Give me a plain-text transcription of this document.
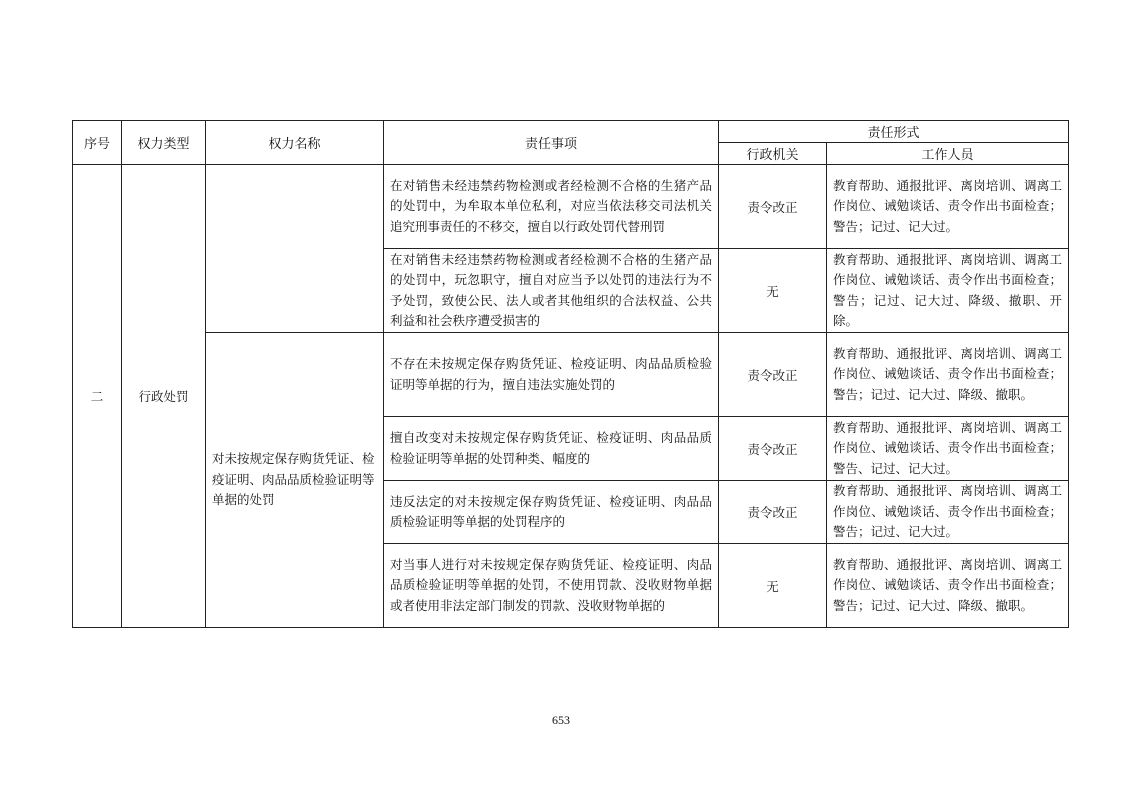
序号	权力类型	权力名称	责任事项	责任形式	
				行政机关	工作人员
二	行政处罚		在对销售未经违禁药物检测或者经检测不合格的生猪产品的处罚中，为牟取本单位私利，对应当依法移交司法机关追究刑事责任的不移交，擅自以行政处罚代替刑罚	责令改正	教育帮助、通报批评、离岗培训、调离工作岗位、诫勉谈话、责令作出书面检查；警告；记过、记大过。
			在对销售未经违禁药物检测或者经检测不合格的生猪产品的处罚中，玩忽职守，擅自对应当予以处罚的违法行为不予处罚，致使公民、法人或者其他组织的合法权益、公共利益和社会秩序遭受损害的	无	教育帮助、通报批评、离岗培训、调离工作岗位、诫勉谈话、责令作出书面检查；警告；记过、记大过、降级、撤职、开除。
		对未按规定保存购货凭证、检疫证明、肉品品质检验证明等单据的处罚	不存在未按规定保存购货凭证、检疫证明、肉品品质检验证明等单据的行为，擅自违法实施处罚的	责令改正	教育帮助、通报批评、离岗培训、调离工作岗位、诫勉谈话、责令作出书面检查；警告；记过、记大过、降级、撤职。
			擅自改变对未按规定保存购货凭证、检疫证明、肉品品质检验证明等单据的处罚种类、幅度的	责令改正	教育帮助、通报批评、离岗培训、调离工作岗位、诫勉谈话、责令作出书面检查；警告、记过、记大过。
			违反法定的对未按规定保存购货凭证、检疫证明、肉品品质检验证明等单据的处罚程序的	责令改正	教育帮助、通报批评、离岗培训、调离工作岗位、诫勉谈话、责令作出书面检查；警告；记过、记大过。
			对当事人进行对未按规定保存购货凭证、检疫证明、肉品品质检验证明等单据的处罚，不使用罚款、没收财物单据或者使用非法定部门制发的罚款、没收财物单据的	无	教育帮助、通报批评、离岗培训、调离工作岗位、诫勉谈话、责令作出书面检查；警告；记过、记大过、降级、撤职。
653
